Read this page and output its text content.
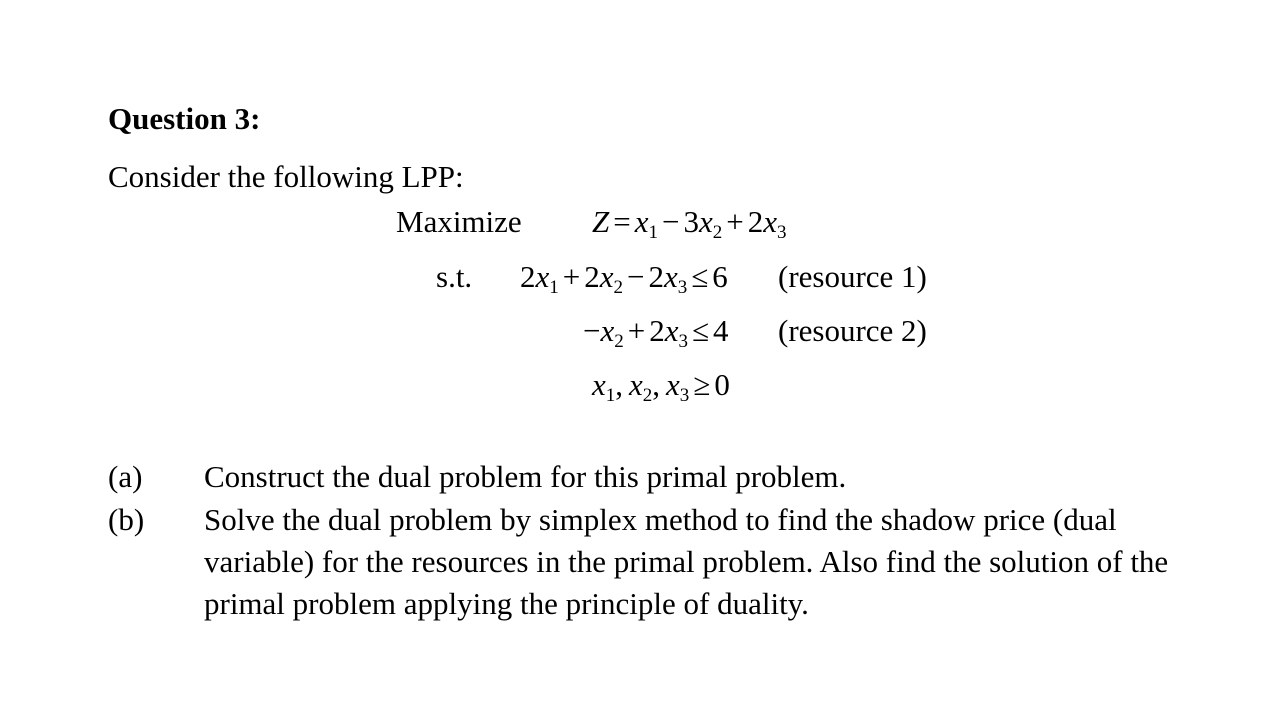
Question 3:
Consider the following LPP:
Maximize $Z = x_1 - 3x_2 + 2x_3$
s.t. $2x_1 + 2x_2 - 2x_3 \le 6$ (resource 1)
$-x_2 + 2x_3 \le 4$ (resource 2)
$x_1$, $x_2$, $x_3 \ge 0$
(a) Construct the dual problem for this primal problem.
(b) Solve the dual problem by simplex method to find the shadow price (dual variable) for the resources in the primal problem. Also find the solution of the primal problem applying the principle of duality.
